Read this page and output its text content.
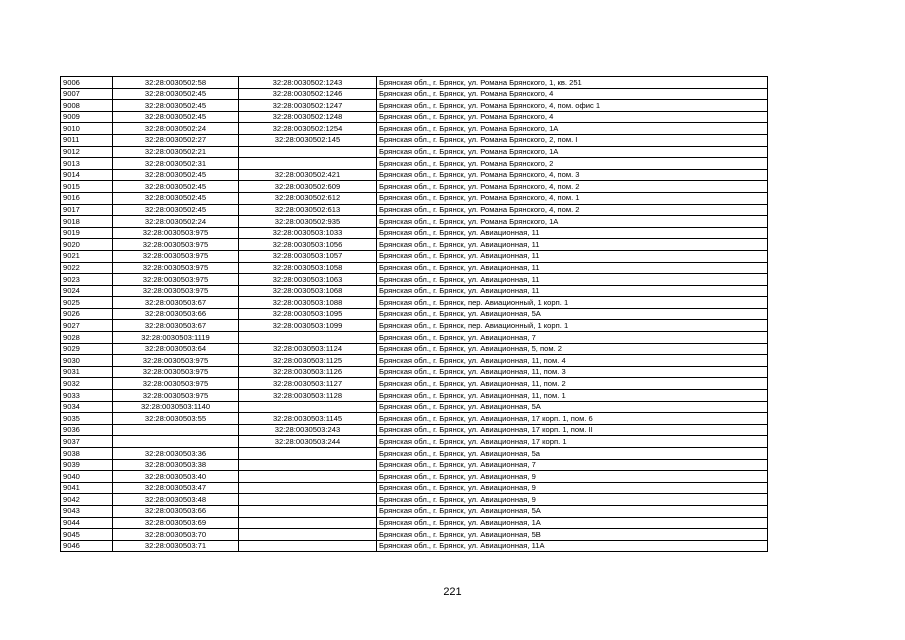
9006	32:28:0030502:58	32:28:0030502:1243	Брянская обл., г. Брянск, ул. Романа Брянского, 1, кв. 251
9007	32:28:0030502:45	32:28:0030502:1246	Брянская обл., г. Брянск, ул. Романа Брянского, 4
9008	32:28:0030502:45	32:28:0030502:1247	Брянская обл., г. Брянск, ул. Романа Брянского, 4, пом. офис 1
9009	32:28:0030502:45	32:28:0030502:1248	Брянская обл., г. Брянск, ул. Романа Брянского, 4
9010	32:28:0030502:24	32:28:0030502:1254	Брянская обл., г. Брянск, ул. Романа Брянского, 1А
9011	32:28:0030502:27	32:28:0030502:145	Брянская обл., г. Брянск, ул. Романа Брянского, 2, пом. I
9012	32:28:0030502:21		Брянская обл., г. Брянск, ул. Романа Брянского, 1А
9013	32:28:0030502:31		Брянская обл., г. Брянск, ул. Романа Брянского, 2
9014	32:28:0030502:45	32:28:0030502:421	Брянская обл., г. Брянск, ул. Романа Брянского, 4, пом. 3
9015	32:28:0030502:45	32:28:0030502:609	Брянская обл., г. Брянск, ул. Романа Брянского, 4, пом. 2
9016	32:28:0030502:45	32:28:0030502:612	Брянская обл., г. Брянск, ул. Романа Брянского, 4, пом. 1
9017	32:28:0030502:45	32:28:0030502:613	Брянская обл., г. Брянск, ул. Романа Брянского, 4, пом. 2
9018	32:28:0030502:24	32:28:0030502:935	Брянская обл., г. Брянск, ул. Романа Брянского, 1А
9019	32:28:0030503:975	32:28:0030503:1033	Брянская обл., г. Брянск, ул. Авиационная, 11
9020	32:28:0030503:975	32:28:0030503:1056	Брянская обл., г. Брянск, ул. Авиационная, 11
9021	32:28:0030503:975	32:28:0030503:1057	Брянская обл., г. Брянск, ул. Авиационная, 11
9022	32:28:0030503:975	32:28:0030503:1058	Брянская обл., г. Брянск, ул. Авиационная, 11
9023	32:28:0030503:975	32:28:0030503:1063	Брянская обл., г. Брянск, ул. Авиационная, 11
9024	32:28:0030503:975	32:28:0030503:1068	Брянская обл., г. Брянск, ул. Авиационная, 11
9025	32:28:0030503:67	32:28:0030503:1088	Брянская обл., г. Брянск, пер. Авиационный, 1 корп. 1
9026	32:28:0030503:66	32:28:0030503:1095	Брянская обл., г. Брянск, ул. Авиационная, 5А
9027	32:28:0030503:67	32:28:0030503:1099	Брянская обл., г. Брянск, пер. Авиационный, 1 корп. 1
9028	32:28:0030503:1119		Брянская обл., г. Брянск, ул. Авиационная, 7
9029	32:28:0030503:64	32:28:0030503:1124	Брянская обл., г. Брянск, ул. Авиационная, 5, пом. 2
9030	32:28:0030503:975	32:28:0030503:1125	Брянская обл., г. Брянск, ул. Авиационная, 11, пом. 4
9031	32:28:0030503:975	32:28:0030503:1126	Брянская обл., г. Брянск, ул. Авиационная, 11, пом. 3
9032	32:28:0030503:975	32:28:0030503:1127	Брянская обл., г. Брянск, ул. Авиационная, 11, пом. 2
9033	32:28:0030503:975	32:28:0030503:1128	Брянская обл., г. Брянск, ул. Авиационная, 11, пом. 1
9034	32:28:0030503:1140		Брянская обл., г. Брянск, ул. Авиационная, 5А
9035	32:28:0030503:55	32:28:0030503:1145	Брянская обл., г. Брянск, ул. Авиационная, 17 корп. 1, пом. 6
9036		32:28:0030503:243	Брянская обл., г. Брянск, ул. Авиационная, 17 корп. 1, пом. II
9037		32:28:0030503:244	Брянская обл., г. Брянск, ул. Авиационная, 17 корп. 1
9038	32:28:0030503:36		Брянская обл., г. Брянск, ул. Авиационная, 5а
9039	32:28:0030503:38		Брянская обл., г. Брянск, ул. Авиационная, 7
9040	32:28:0030503:40		Брянская обл., г. Брянск, ул. Авиационная, 9
9041	32:28:0030503:47		Брянская обл., г. Брянск, ул. Авиационная, 9
9042	32:28:0030503:48		Брянская обл., г. Брянск, ул. Авиационная, 9
9043	32:28:0030503:66		Брянская обл., г. Брянск, ул. Авиационная, 5А
9044	32:28:0030503:69		Брянская обл., г. Брянск, ул. Авиационная, 1А
9045	32:28:0030503:70		Брянская обл., г. Брянск, ул. Авиационная, 5В
9046	32:28:0030503:71		Брянская обл., г. Брянск, ул. Авиационная, 11А
221
